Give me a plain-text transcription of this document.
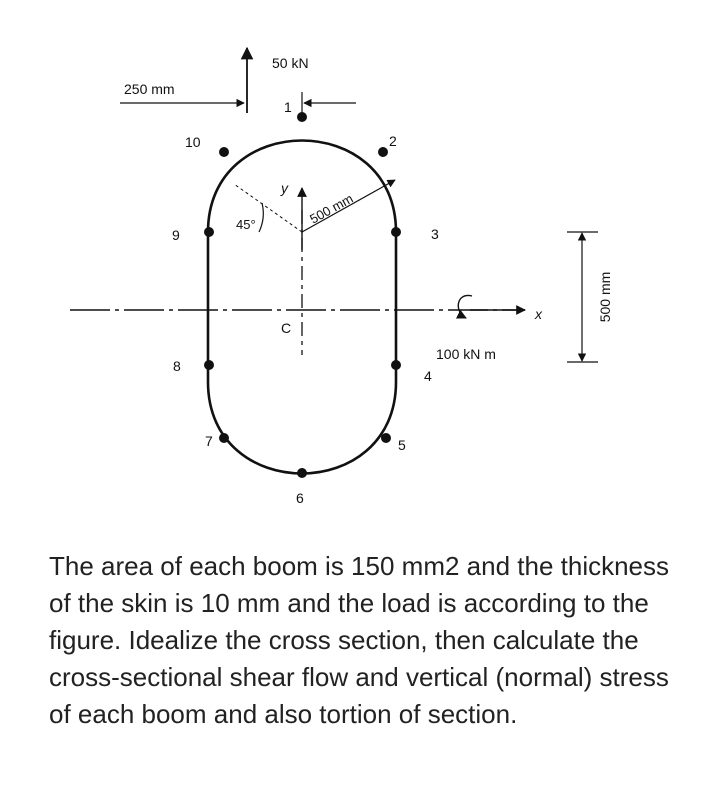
50 kN
250 mm
500 mm
45°
y
C
100 kN m
x	500 mm
1
2
3
4
5
6
7
8
9
10

The area of each boom is 150 mm2 and the thickness of the skin is 10 mm and the load is according to the figure. Idealize the cross section, then calculate the cross-sectional shear flow and vertical (normal) stress of each boom and also tortion of section.
